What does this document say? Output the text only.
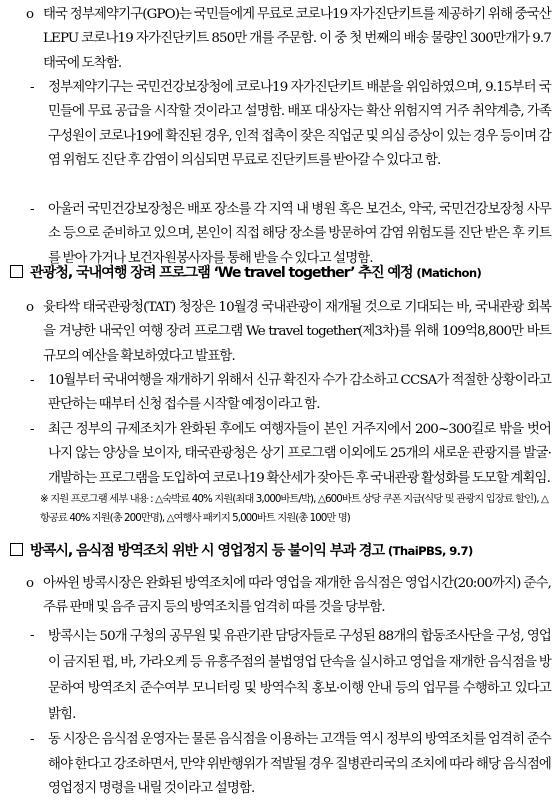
o 태국 정부제약기구(GPO)는 국민들에게 무료로 코로나19 자가진단키트를 제공하기 위해 중국산 LEPU 코로나19 자가진단키트 850만 개를 주문함. 이 중 첫 번째의 배송 물량인 300만개가 9.7 태국에 도착함.

- 정부제약기구는 국민건강보장청에 코로나19 자가진단키트 배분을 위임하였으며, 9.15부터 국민들에 무료 공급을 시작할 것이라고 설명함. 배포 대상자는 확산 위험지역 거주 취약계층, 가족 구성원이 코로나19에 확진된 경우, 인적 접촉이 잦은 직업군 및 의심 증상이 있는 경우 등이며 감염 위험도 진단 후 감염이 의심되면 무료로 진단키트를 받아갈 수 있다고 함.

- 아울러 국민건강보장청은 배포 장소를 각 지역 내 병원 혹은 보건소, 약국, 국민건강보장청 사무소 등으로 준비하고 있으며, 본인이 직접 해당 장소를 방문하여 감염 위험도를 진단 받은 후 키트를 받아 가거나 보건자원봉사자를 통해 받을 수 있다고 설명함.

관광청, 국내여행 장려 프로그램 ‘We travel together’ 추진 예정 (Matichon)
o 윳타싹 태국관광청(TAT) 청장은 10월경 국내관광이 재개될 것으로 기대되는 바, 국내관광 회복을 겨냥한 내국인 여행 장려 프로그램 We travel together(제3차)를 위해 109억8,800만 바트 규모의 예산을 확보하였다고 발표함.

- 10월부터 국내여행을 재개하기 위해서 신규 확진자 수가 감소하고 CCSA가 적절한 상황이라고 판단하는 때부터 신청 접수를 시작할 예정이라고 함.

- 최근 정부의 규제조치가 완화된 후에도 여행자들이 본인 거주지에서 200~300킬로 밖을 벗어나지 않는 양상을 보이자, 태국관광청은 상기 프로그램 이외에도 25개의 새로운 관광지를 발굴·개발하는 프로그램을 도입하여 코로나19 확산세가 잦아든 후 국내관광 활성화를 도모할 계획임.

※ 지원 프로그램 세부 내용 : △숙박료 40% 지원(최대 3,000바트/박), △600바트 상당 쿠폰 지급(식당 및 관광지 입장료 할인), △항공료 40% 지원(총 200만명), △여행사 패키지 5,000바트 지원(총 100만 명)
방콕시, 음식점 방역조치 위반 시 영업정지 등 불이익 부과 경고 (ThaiPBS, 9.7)
o 아싸윈 방콕시장은 완화된 방역조치에 따라 영업을 재개한 음식점은 영업시간(20:00까지) 준수, 주류 판매 및 음주 금지 등의 방역조치를 엄격히 따를 것을 당부함.

- 방콕시는 50개 구청의 공무원 및 유관기관 담당자들로 구성된 88개의 합동조사단을 구성, 영업이 금지된 펍, 바, 가라오케 등 유흥주점의 불법영업 단속을 실시하고 영업을 재개한 음식점을 방문하여 방역조치 준수여부 모니터링 및 방역수칙 홍보·이행 안내 등의 업무를 수행하고 있다고 밝힘.

- 동 시장은 음식점 운영자는 물론 음식점을 이용하는 고객들 역시 정부의 방역조치를 엄격히 준수해야 한다고 강조하면서, 만약 위반행위가 적발될 경우 질병관리국의 조치에 따라 해당 음식점에 영업정지 명령을 내릴 것이라고 설명함.
